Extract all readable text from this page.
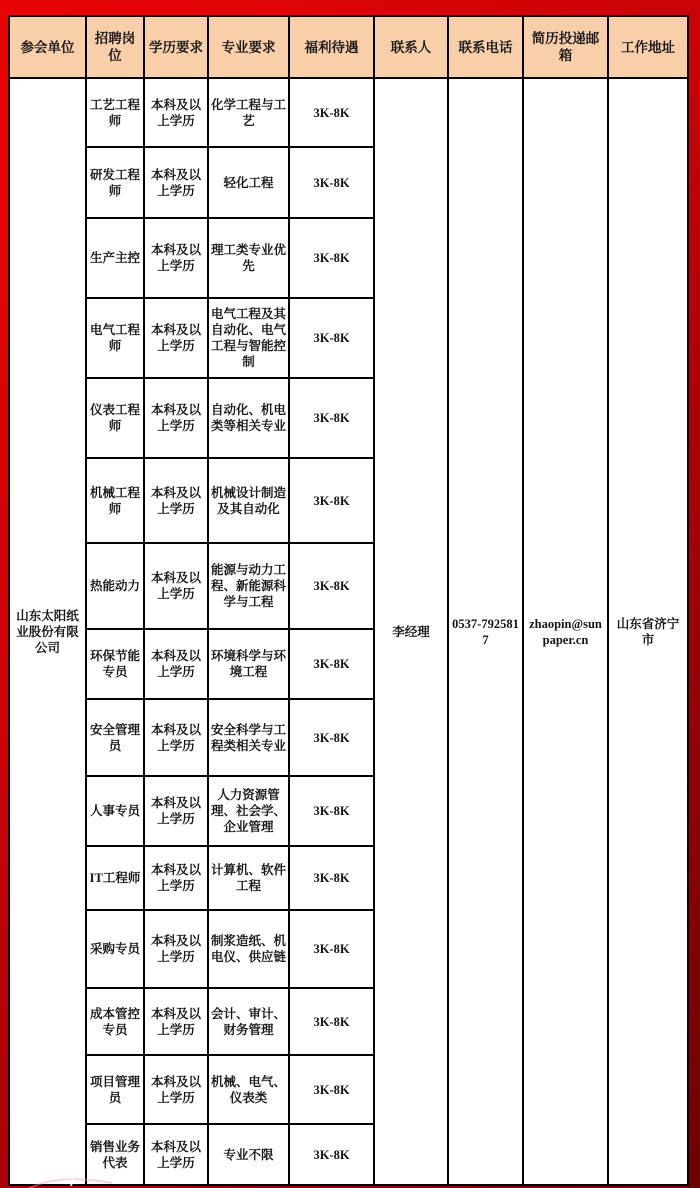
参会单位	招聘岗位	学历要求	专业要求	福利待遇	联系人	联系电话	简历投递邮箱	工作地址
山东太阳纸业股份有限公司	工艺工程师	本科及以上学历	化学工程与工艺	3K-8K	李经理	0537-7925817	zhaopin@sunpaper.cn	山东省济宁市
	研发工程师	本科及以上学历	轻化工程	3K-8K				
	生产主控	本科及以上学历	理工类专业优先	3K-8K				
	电气工程师	本科及以上学历	电气工程及其自动化、电气工程与智能控制	3K-8K				
	仪表工程师	本科及以上学历	自动化、机电类等相关专业	3K-8K				
	机械工程师	本科及以上学历	机械设计制造及其自动化	3K-8K				
	热能动力	本科及以上学历	能源与动力工程、新能源科学与工程	3K-8K				
	环保节能专员	本科及以上学历	环境科学与环境工程	3K-8K				
	安全管理员	本科及以上学历	安全科学与工程类相关专业	3K-8K				
	人事专员	本科及以上学历	人力资源管理、社会学、企业管理	3K-8K				
	IT工程师	本科及以上学历	计算机、软件工程	3K-8K				
	采购专员	本科及以上学历	制浆造纸、机电仪、供应链	3K-8K				
	成本管控专员	本科及以上学历	会计、审计、财务管理	3K-8K				
	项目管理员	本科及以上学历	机械、电气、仪表类	3K-8K				
	销售业务代表	本科及以上学历	专业不限	3K-8K				
